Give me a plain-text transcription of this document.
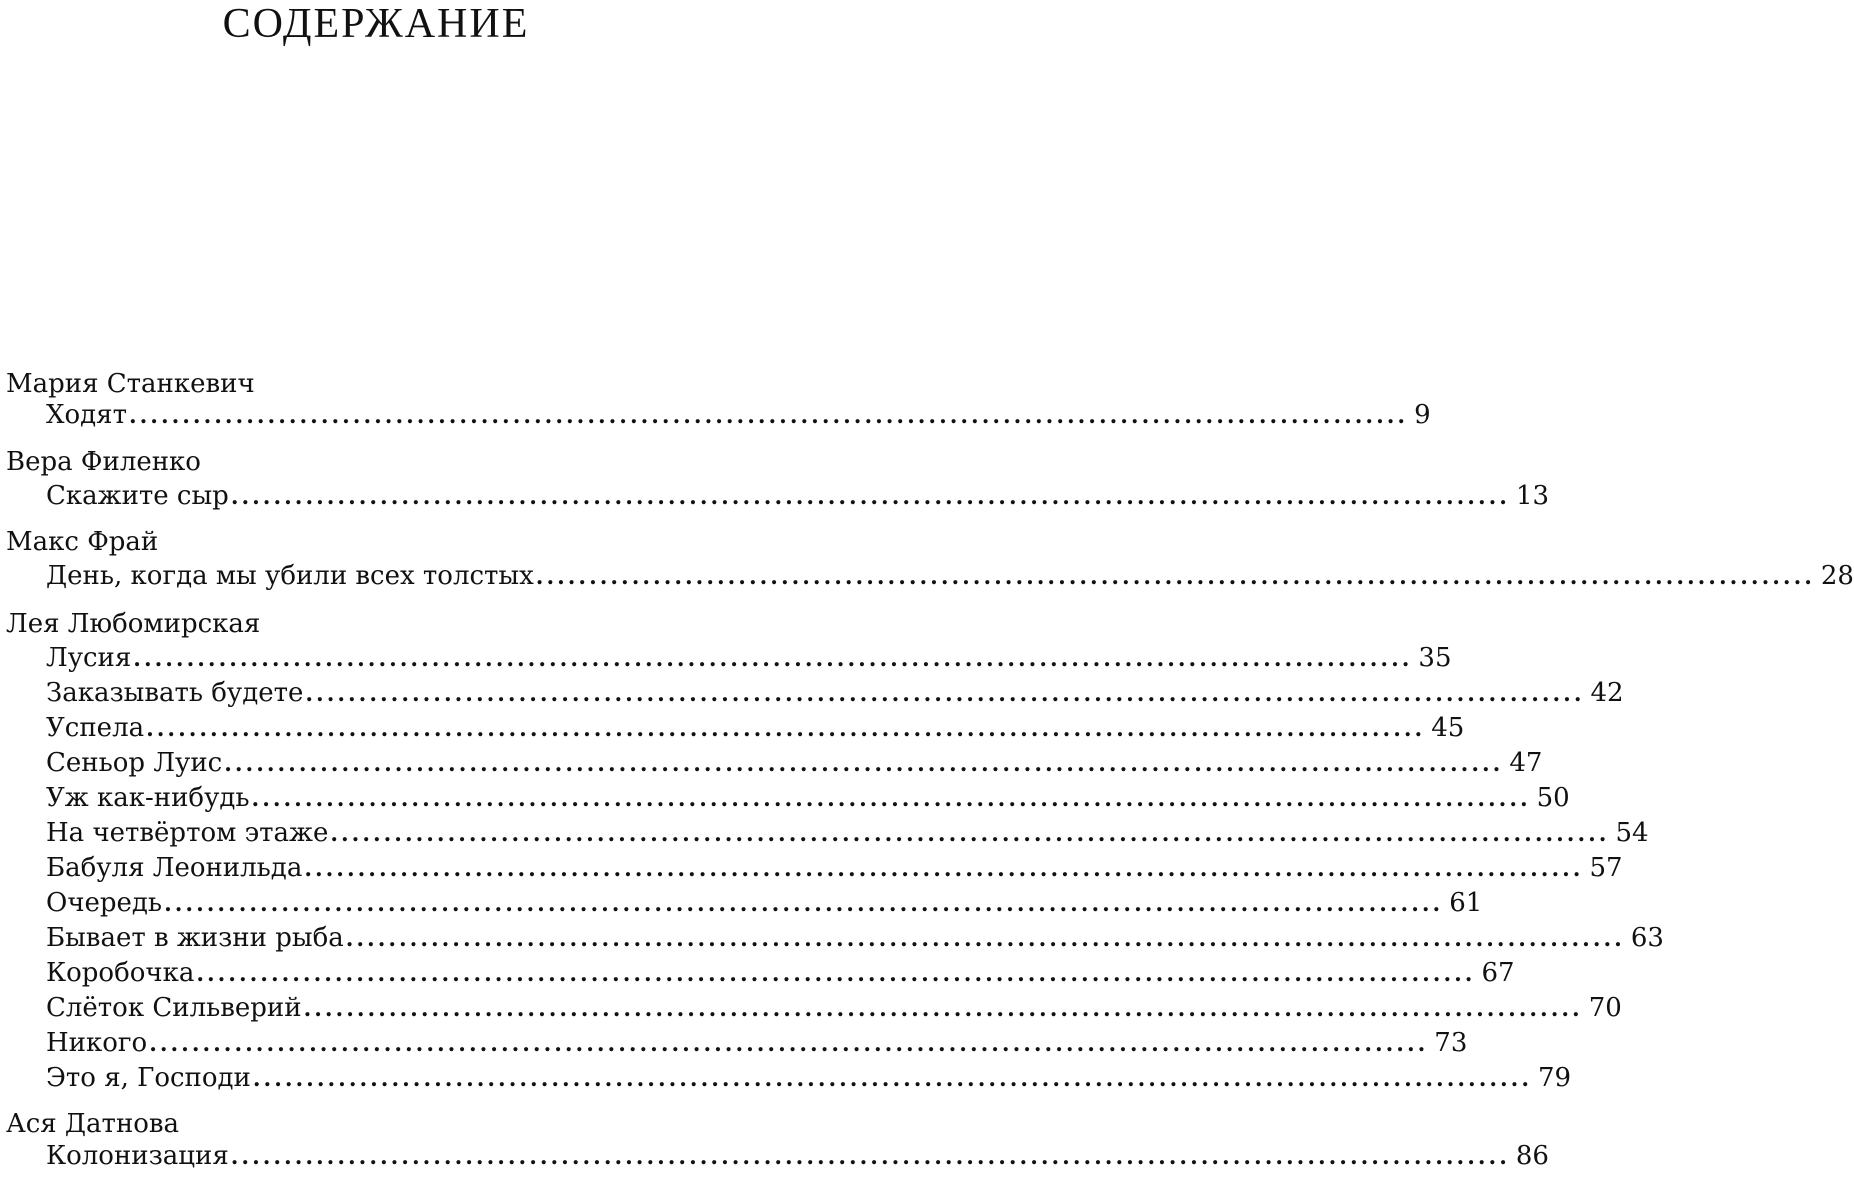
СОДЕРЖАНИЕ
Мария Станкевич
Ходят ........................................................................................................................ 9
Вера Филенко
Скажите сыр ........................................................................................................................ 13
Макс Фрай
День, когда мы убили всех толстых ........................................................................................................................ 28
Лея Любомирская
Лусия ........................................................................................................................ 35
Заказывать будете ........................................................................................................................ 42
Успела ........................................................................................................................ 45
Сеньор Луис ........................................................................................................................ 47
Уж как-нибудь ........................................................................................................................ 50
На четвёртом этаже ........................................................................................................................ 54
Бабуля Леонильда ........................................................................................................................ 57
Очередь ........................................................................................................................ 61
Бывает в жизни рыба ........................................................................................................................ 63
Коробочка ........................................................................................................................ 67
Слёток Сильверий ........................................................................................................................ 70
Никого ........................................................................................................................ 73
Это я, Господи ........................................................................................................................ 79
Ася Датнова
Колонизация ........................................................................................................................ 86
